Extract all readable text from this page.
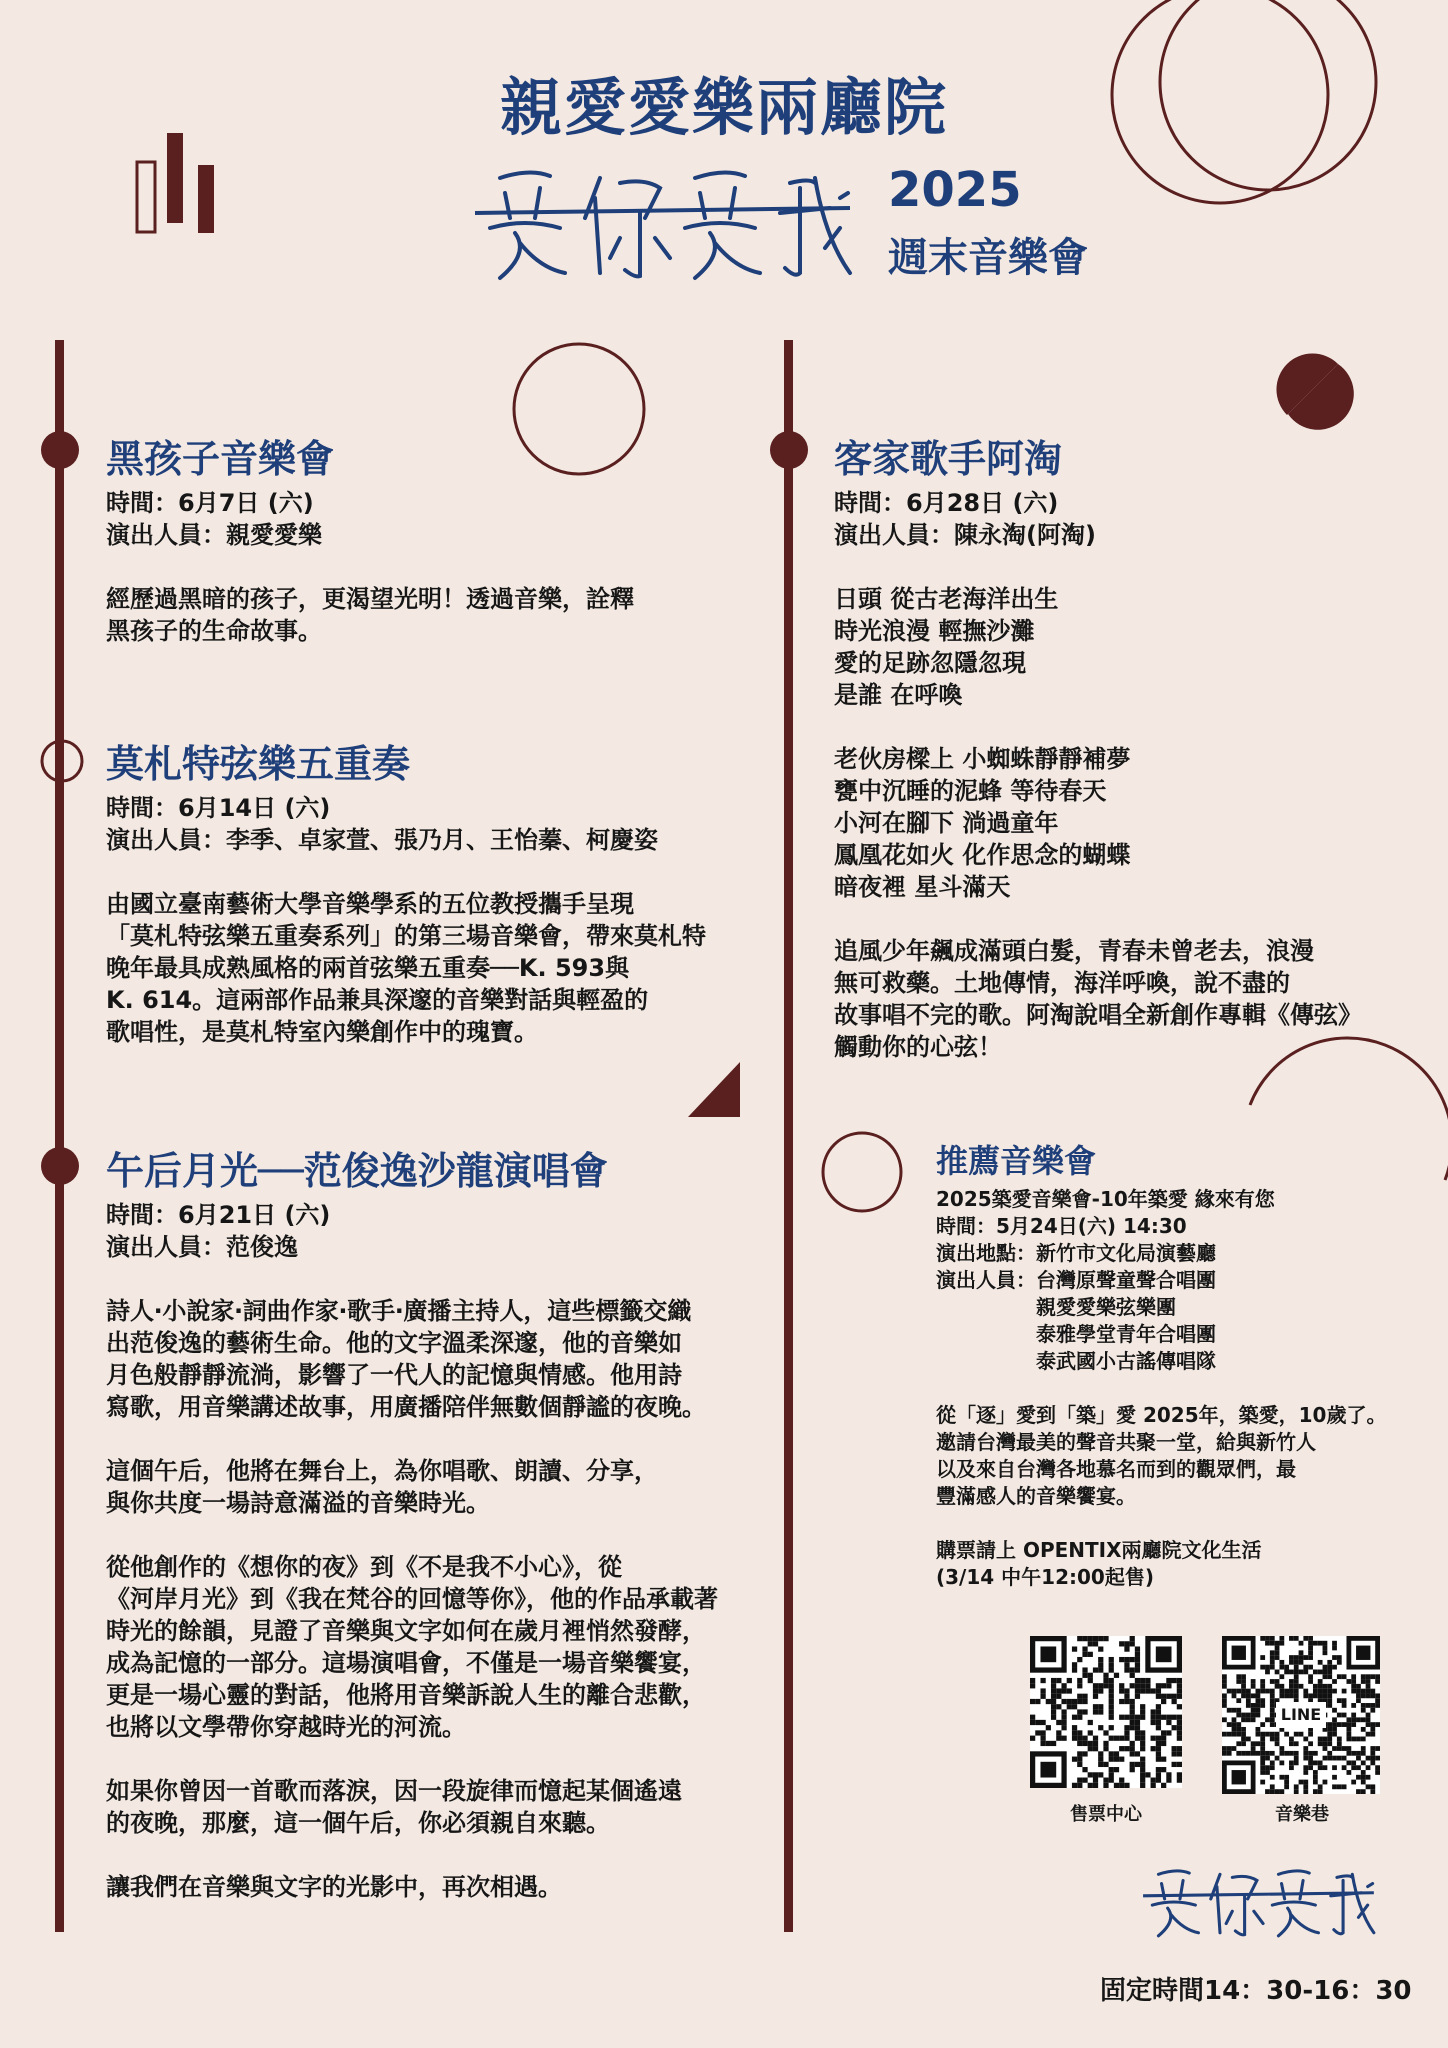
親愛愛樂兩廳院
2025
週末音樂會
黑孩子音樂會
時間：6月7日 (六)
演出人員：親愛愛樂
經歷過黑暗的孩子，更渴望光明！透過音樂，詮釋
黑孩子的生命故事。
莫札特弦樂五重奏
時間：6月14日 (六)
演出人員：李季、卓家萱、張乃月、王怡蓁、柯慶姿
由國立臺南藝術大學音樂學系的五位教授攜手呈現
「莫札特弦樂五重奏系列」的第三場音樂會，帶來莫札特
晚年最具成熟風格的兩首弦樂五重奏──K. 593與
K. 614。這兩部作品兼具深邃的音樂對話與輕盈的
歌唱性，是莫札特室內樂創作中的瑰寶。
午后月光──范俊逸沙龍演唱會
時間：6月21日 (六)
演出人員：范俊逸
詩人‧小說家‧詞曲作家‧歌手‧廣播主持人，這些標籤交織
出范俊逸的藝術生命。他的文字溫柔深邃，他的音樂如
月色般靜靜流淌，影響了一代人的記憶與情感。他用詩
寫歌，用音樂講述故事，用廣播陪伴無數個靜謐的夜晚。
這個午后，他將在舞台上，為你唱歌、朗讀、分享，
與你共度一場詩意滿溢的音樂時光。
從他創作的《想你的夜》到《不是我不小心》，從
《河岸月光》到《我在梵谷的回憶等你》，他的作品承載著
時光的餘韻，見證了音樂與文字如何在歲月裡悄然發酵，
成為記憶的一部分。這場演唱會，不僅是一場音樂饗宴，
更是一場心靈的對話，他將用音樂訴說人生的離合悲歡，
也將以文學帶你穿越時光的河流。
如果你曾因一首歌而落淚，因一段旋律而憶起某個遙遠
的夜晚，那麼，這一個午后，你必須親自來聽。
讓我們在音樂與文字的光影中，再次相遇。
客家歌手阿淘
時間：6月28日 (六)
演出人員：陳永淘(阿淘)
日頭 從古老海洋出生
時光浪漫 輕撫沙灘
愛的足跡忽隱忽現
是誰 在呼喚
老伙房樑上 小蜘蛛靜靜補夢
甕中沉睡的泥蜂 等待春天
小河在腳下 淌過童年
鳳凰花如火 化作思念的蝴蝶
暗夜裡 星斗滿天
追風少年飆成滿頭白髮，青春未曾老去，浪漫
無可救藥。土地傳情，海洋呼喚，說不盡的
故事唱不完的歌。阿淘說唱全新創作專輯《傳弦》
觸動你的心弦！
推薦音樂會
2025築愛音樂會-10年築愛 緣來有您
時間：5月24日(六) 14:30
演出地點：新竹市文化局演藝廳
演出人員： 台灣原聲童聲合唱團
親愛愛樂弦樂團
泰雅學堂青年合唱團
泰武國小古謠傳唱隊
從「逐」愛到「築」愛 2025年，築愛，10歲了。
邀請台灣最美的聲音共聚一堂，給與新竹人
以及來自台灣各地慕名而到的觀眾們，最
豐滿感人的音樂饗宴。
購票請上 OPENTIX兩廳院文化生活
(3/14 中午12:00起售)
售票中心
LINE
音樂巷
固定時間14：30-16：30
